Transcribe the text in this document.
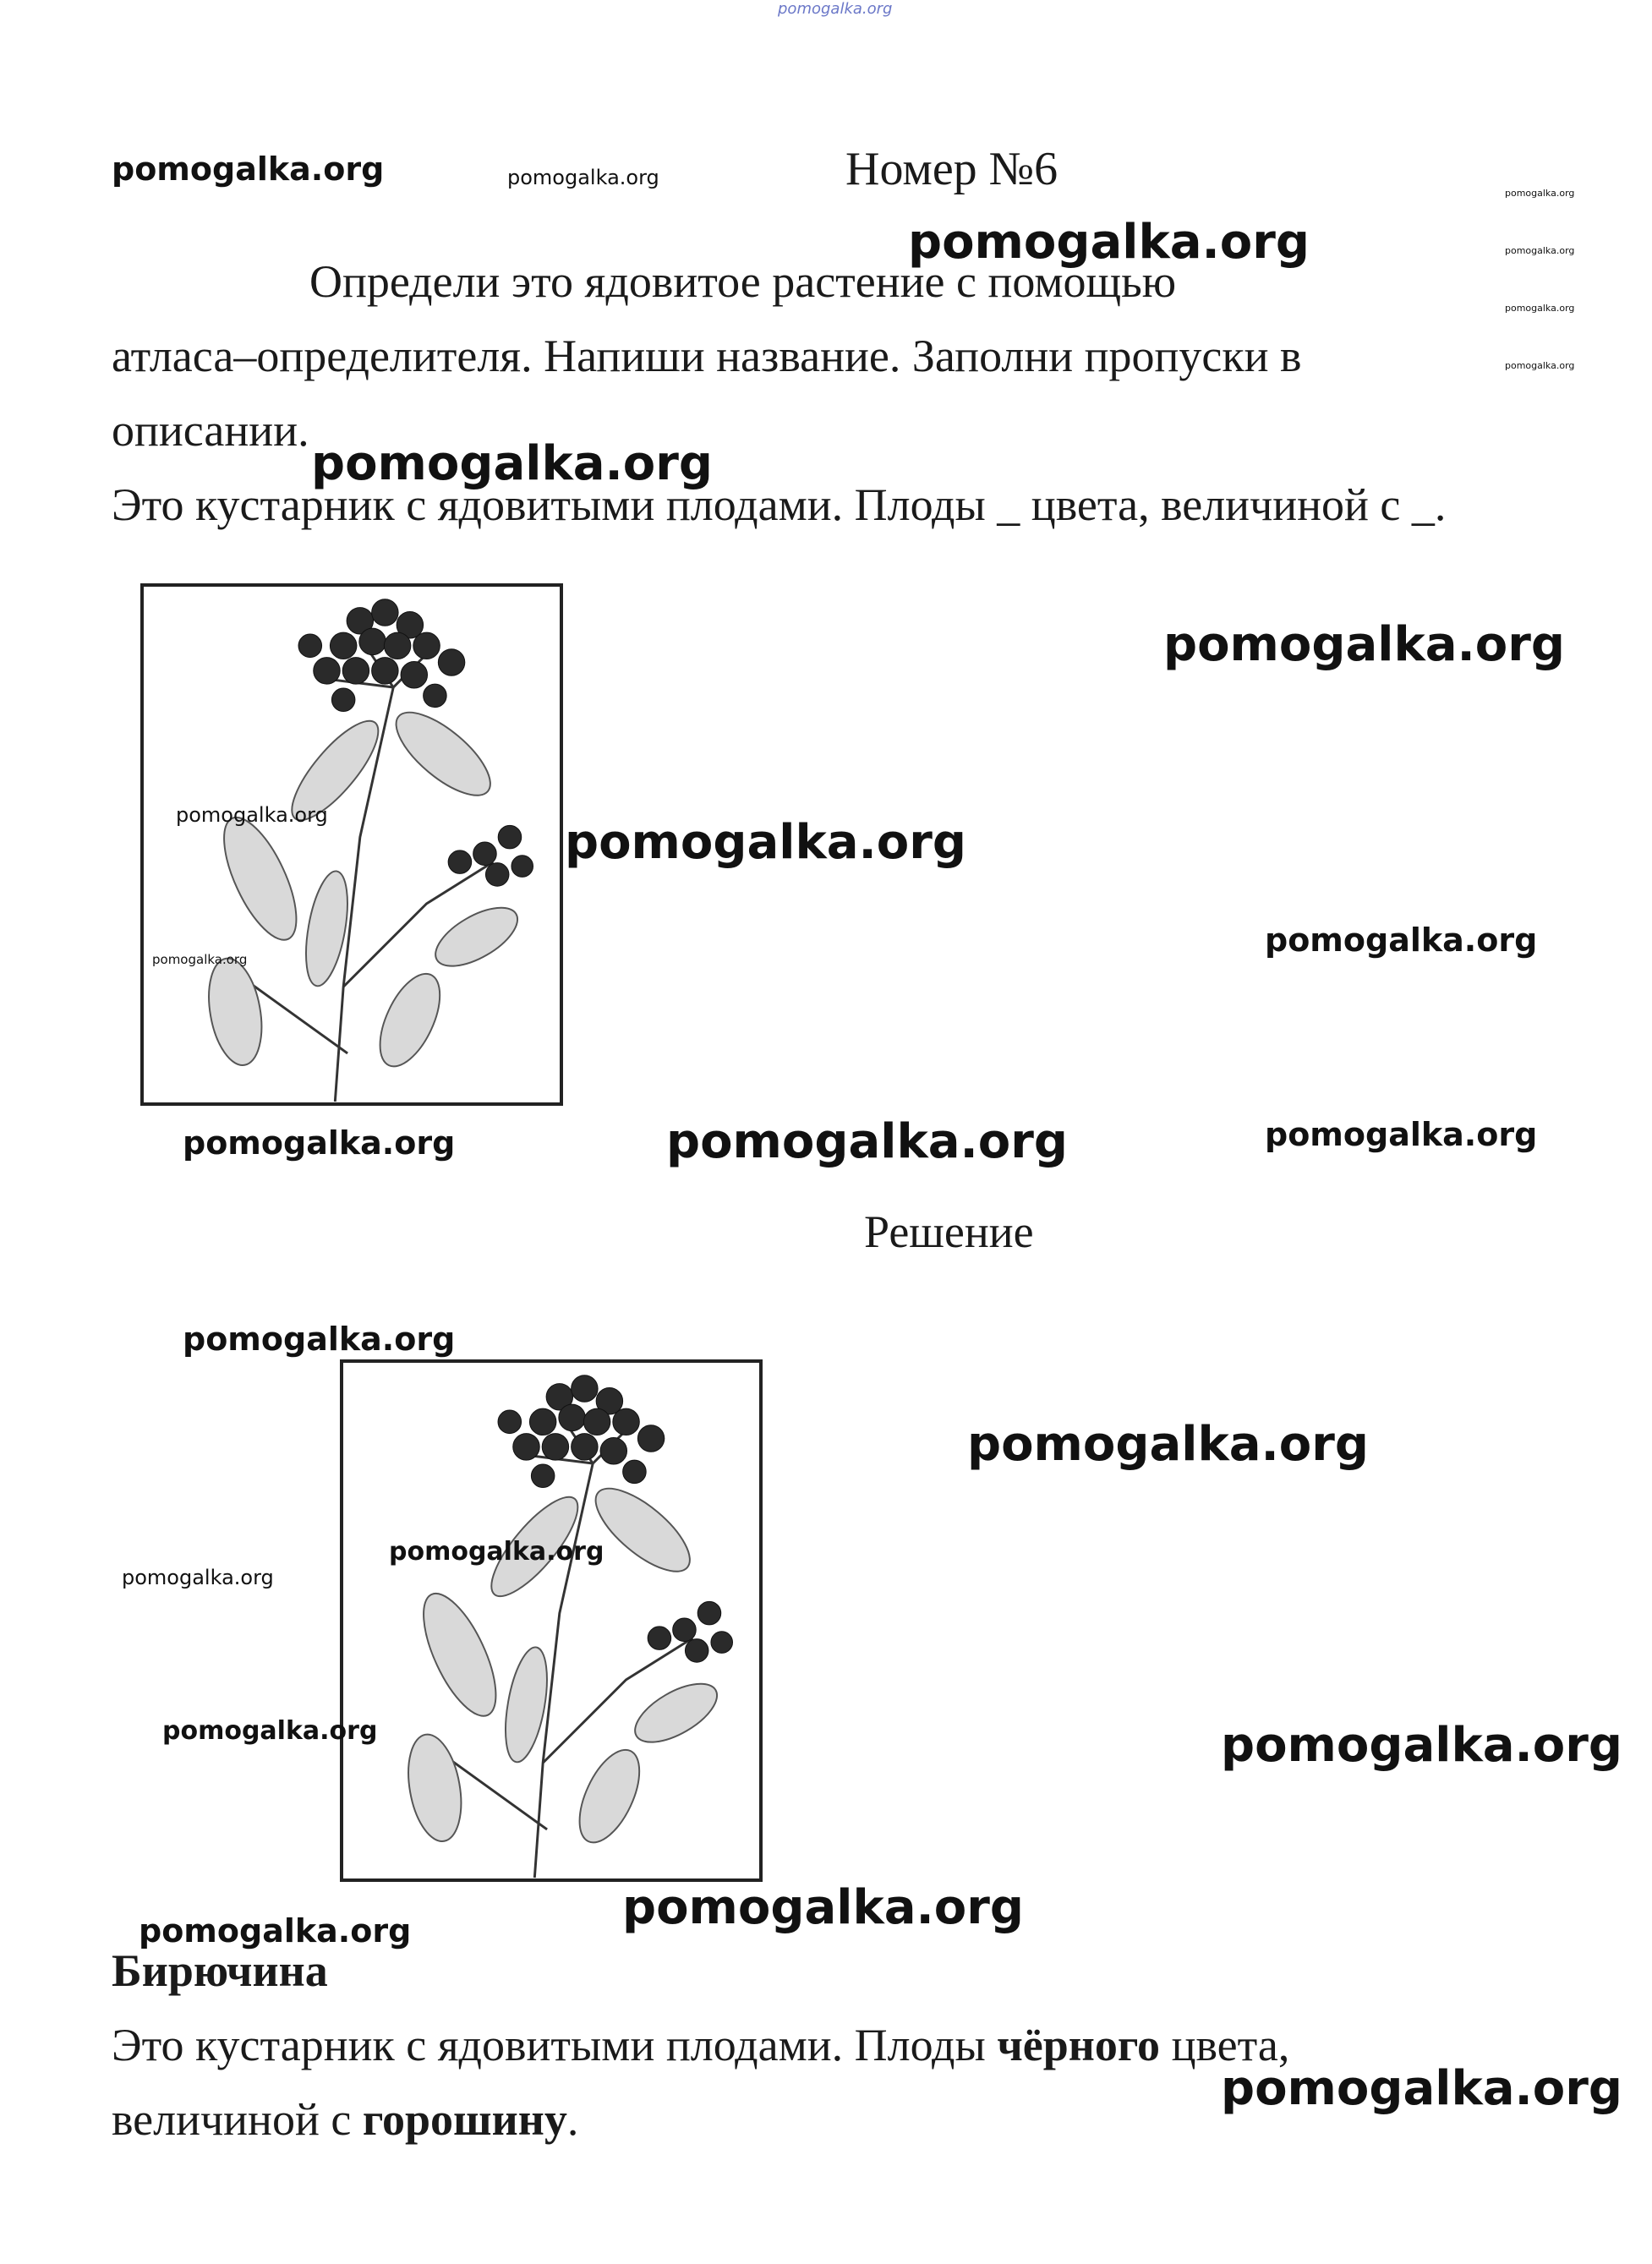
pomogalka.org
Номер №6
pomogalka.org	pomogalka.org
pomogalka.org
pomogalka.org
pomogalka.org
pomogalka.org
Определи это ядовитое растение с помощью
pomogalka.org
атласа–определителя. Напиши название. Заполни пропуски в
описании.
pomogalka.org
Это кустарник с ядовитыми плодами. Плоды _ цвета, величиной с _.
pomogalka.org
pomogalka.org	pomogalka.org
pomogalka.org
pomogalka.org
pomogalka.org	pomogalka.org	pomogalka.org
Решение
pomogalka.org
pomogalka.org
pomogalka.org
pomogalka.org
pomogalka.org	pomogalka.org
pomogalka.org
pomogalka.org
Бирючина
Это кустарник с ядовитыми плодами. Плоды чёрного цвета,
pomogalka.org
величиной с горошину.
